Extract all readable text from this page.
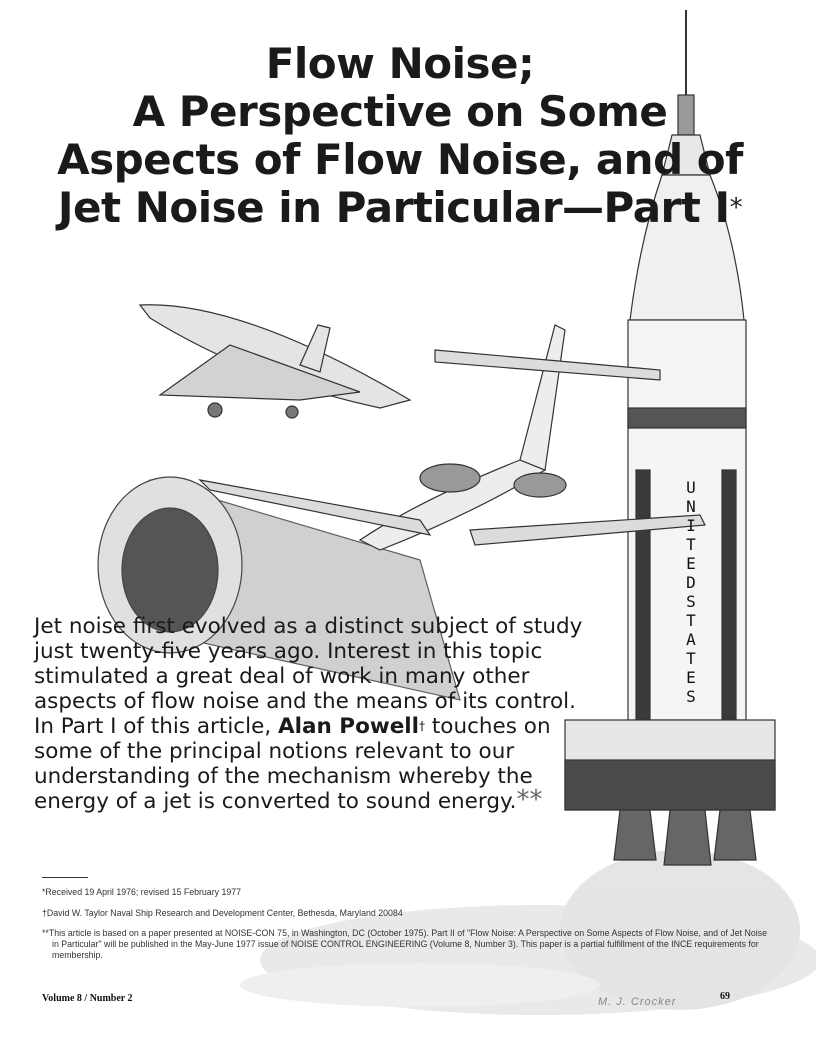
U
N
I
T
E
D
S
T
A
T
E
S
Flow Noise;
A Perspective on Some
Aspects of Flow Noise, and of
Jet Noise in Particular—Part I*

Jet noise first evolved as a distinct subject of study just twenty-five years ago. Interest in this topic stimulated a great deal of work in many other aspects of flow noise and the means of its control. In Part I of this article, Alan Powell† touches on some of the principal notions relevant to our understanding of the mechanism whereby the energy of a jet is converted to sound energy.**

*Received 19 April 1976; revised 15 February 1977

†David W. Taylor Naval Ship Research and Development Center, Bethesda, Maryland 20084

**This article is based on a paper presented at NOISE-CON 75, in Washington, DC (October 1975). Part II of "Flow Noise: A Perspective on Some Aspects of Flow Noise, and of Jet Noise in Particular" will be published in the May-June 1977 issue of NOISE CONTROL ENGINEERING (Volume 8, Number 3). This paper is a partial fulfillment of the INCE requirements for membership.

Volume 8 / Number 2	M. J. Crocker	69
